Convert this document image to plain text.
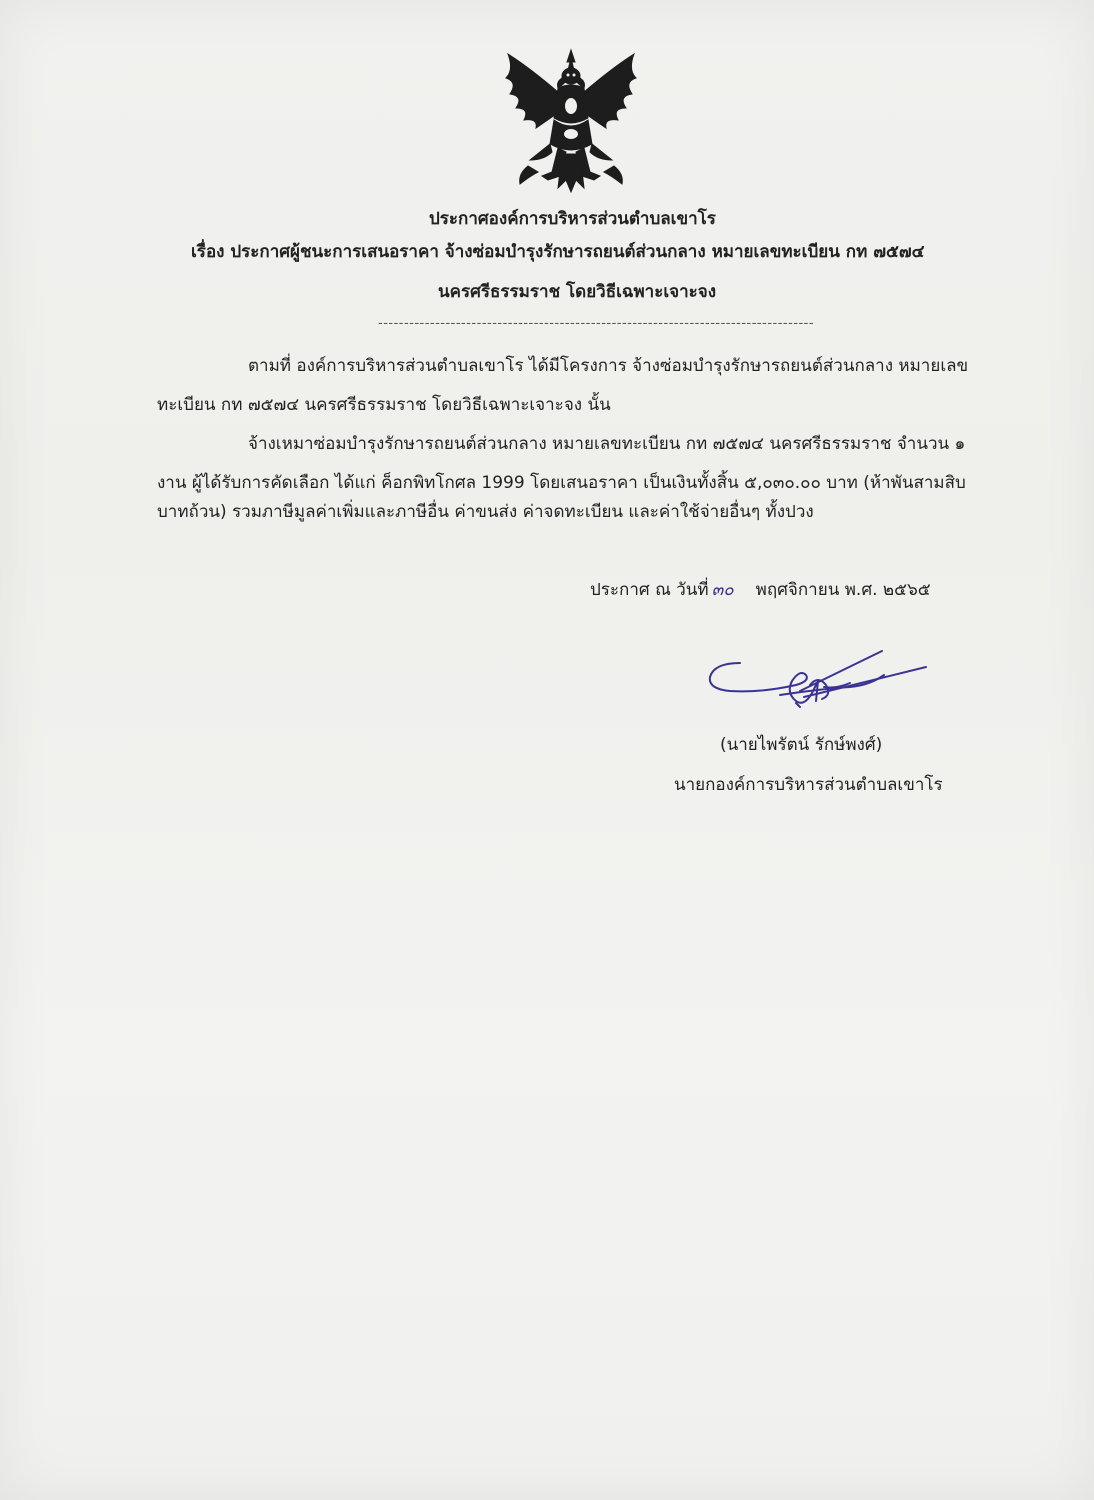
ประกาศองค์การบริหารส่วนตำบลเขาโร
เรื่อง ประกาศผู้ชนะการเสนอราคา จ้างซ่อมบำรุงรักษารถยนต์ส่วนกลาง หมายเลขทะเบียน กท ๗๕๗๔
นครศรีธรรมราช โดยวิธีเฉพาะเจาะจง
------------------------------------------------------------------------------------
ตามที่ องค์การบริหารส่วนตำบลเขาโร ได้มีโครงการ จ้างซ่อมบำรุงรักษารถยนต์ส่วนกลาง หมายเลข
ทะเบียน กท ๗๕๗๔ นครศรีธรรมราช โดยวิธีเฉพาะเจาะจง นั้น
จ้างเหมาซ่อมบำรุงรักษารถยนต์ส่วนกลาง หมายเลขทะเบียน กท ๗๕๗๔ นครศรีธรรมราช จำนวน ๑
งาน ผู้ได้รับการคัดเลือก ได้แก่ ค็อกพิทโกศล 1999 โดยเสนอราคา เป็นเงินทั้งสิ้น ๕,๐๓๐.๐๐ บาท (ห้าพันสามสิบ
บาทถ้วน) รวมภาษีมูลค่าเพิ่มและภาษีอื่น ค่าขนส่ง ค่าจดทะเบียน และค่าใช้จ่ายอื่นๆ ทั้งปวง
ประกาศ ณ วันที่ ๓๐ พฤศจิกายน พ.ศ. ๒๕๖๕
(นายไพรัตน์ รักษ์พงศ์)
นายกองค์การบริหารส่วนตำบลเขาโร
